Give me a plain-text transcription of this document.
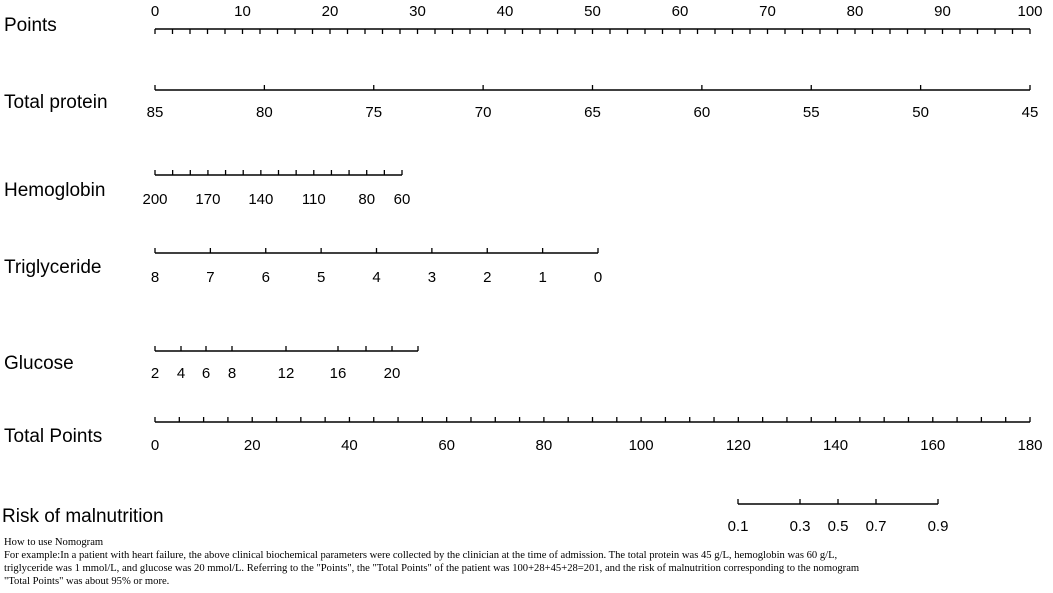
Points
0	10	20	30	40	50	60	70	80	90	100
Total protein	85	80	75	70	65	60	55	50	45
Hemoglobin 200 170 140 110 80 60
Triglyceride	8	7	6	5	4	3	2	1	0
Glucose	2 4 6 8	12 16 20
Total Points	0	20	40	60	80	100	120	140	160	180
Risk of malnutrition	0.1	0.3 0.5 0.7	0.9
How to use Nomogram
For example:In a patient with heart failure, the above clinical biochemical parameters were collected by the clinician at the time of admission. The total protein was 45 g/L, hemoglobin was 60 g/L,
triglyceride was 1 mmol/L, and glucose was 20 mmol/L. Referring to the "Points", the "Total Points" of the patient was 100+28+45+28=201, and the risk of malnutrition corresponding to the nomogram
"Total Points" was about 95% or more.
